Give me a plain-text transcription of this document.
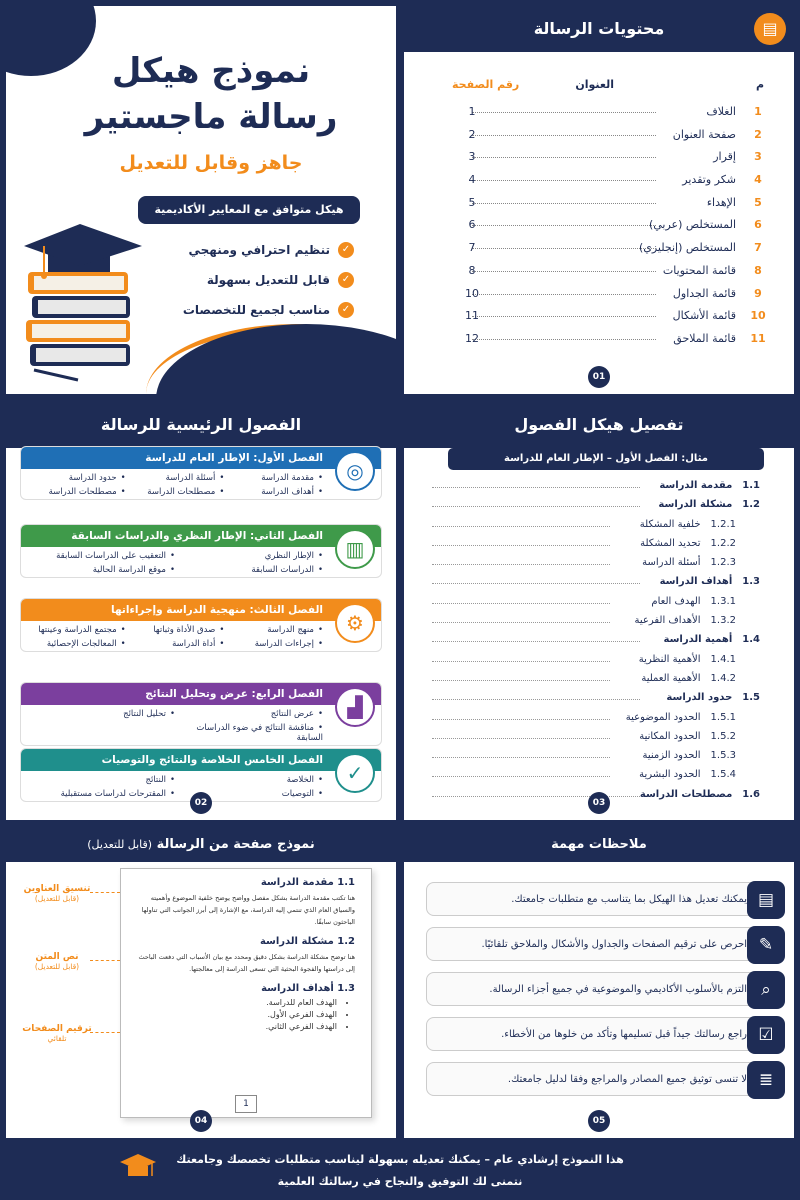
نموذج هيكل
رسالة ماجستير
جاهز وقابل للتعديل
هيكل متوافق مع المعايير الأكاديمية
✓
تنظيم احترافي ومنهجي
✓
قابل للتعديل بسهولة
✓
مناسب لجميع للتخصصات
محتويات الرسالة	▤
م
العنوان
رقم الصفحة
1
الغلاف
1
2
صفحة العنوان
2
3
إقرار
3
4
شكر وتقدير
4
5
الإهداء
5
6
المستخلص (عربي)
6
7
المستخلص (إنجليزي)
7
8
قائمة المحتويات
8
9
قائمة الجداول
10
10
قائمة الأشكال
11
11
قائمة الملاحق
12
01
الفصول الرئيسية للرسالة
الفصل الأول: الإطار العام للدراسة
◎
• مقدمة الدراسة
• أسئلة الدراسة
• حدود الدراسة
• أهداف الدراسة
• مصطلحات الدراسة
• مصطلحات الدراسة
الفصل الثاني: الإطار النظري والدراسات السابقة
▥
• الإطار النظري
• التعقيب على الدراسات السابقة
• الدراسات السابقة
• موقع الدراسة الحالية
الفصل الثالث: منهجية الدراسة وإجراءاتها
⚙
• منهج الدراسة
• صدق الأداة وثباتها
• مجتمع الدراسة وعينتها
• إجراءات الدراسة
• أداة الدراسة
• المعالجات الإحصائية
الفصل الرابع: عرض وتحليل النتائج
▟
• عرض النتائج
• تحليل النتائج
• مناقشة النتائج في ضوء الدراسات السابقة
الفصل الخامس الخلاصة والنتائج والتوصيات
✓
• الخلاصة
• النتائج
• التوصيات
• المقترحات لدراسات مستقبلية
02
تفصيل هيكل الفصول
مثال: الفصل الأول – الإطار العام للدراسة
1.1مقدمة الدراسة
1.2مشكلة الدراسة
1.2.1خلفية المشكلة
1.2.2تحديد المشكلة
1.2.3أسئلة الدراسة
1.3أهداف الدراسة
1.3.1الهدف العام
1.3.2الأهداف الفرعية
1.4أهمية الدراسة
1.4.1الأهمية النظرية
1.4.2الأهمية العملية
1.5حدود الدراسة
1.5.1الحدود الموضوعية
1.5.2الحدود المكانية
1.5.3الحدود الزمنية
1.5.4الحدود البشرية
1.6مصطلحات الدراسة
03
نموذج صفحة من الرسالة (قابل للتعديل)
1.1 مقدمة الدراسة

هنا تكتب مقدمة الدراسة بشكل مفصل وواضح يوضح خلفية الموضوع وأهميته والسياق العام الذي تنتمي إليه الدراسة، مع الإشارة إلى أبرز الجوانب التي تناولها الباحثون سابقًا.

1.2 مشكلة الدراسة

هنا توضح مشكلة الدراسة بشكل دقيق ومحدد مع بيان الأسباب التي دفعت الباحث إلى دراستها والفجوة البحثية التي تسعى الدراسة إلى معالجتها.

1.3 أهداف الدراسة
• الهدف العام للدراسة.
• الهدف الفرعي الأول.
• الهدف الفرعي الثاني.
1
تنسيق العناوين
(قابل للتعديل)
نص المتن
(قابل للتعديل)
ترقيم الصفحات
تلقائي
04
ملاحظات مهمة
يمكنك تعديل هذا الهيكل بما يتناسب مع متطلبات جامعتك. ▤
احرص على ترقيم الصفحات والجداول والأشكال والملاحق تلقائيًا. ✎
التزم بالأسلوب الأكاديمي والموضوعية في جميع أجزاء الرسالة. ⌕
راجع رسالتك جيداً قبل تسليمها وتأكد من خلوها من الأخطاء. ☑
لا تنسى توثيق جميع المصادر والمراجع وفقا لدليل جامعتك. ≣
05
هذا النموذج إرشادي عام – يمكنك تعديله بسهولة ليناسب متطلبات تخصصك وجامعتك
نتمنى لك التوفيق والنجاح في رسالتك العلمية
